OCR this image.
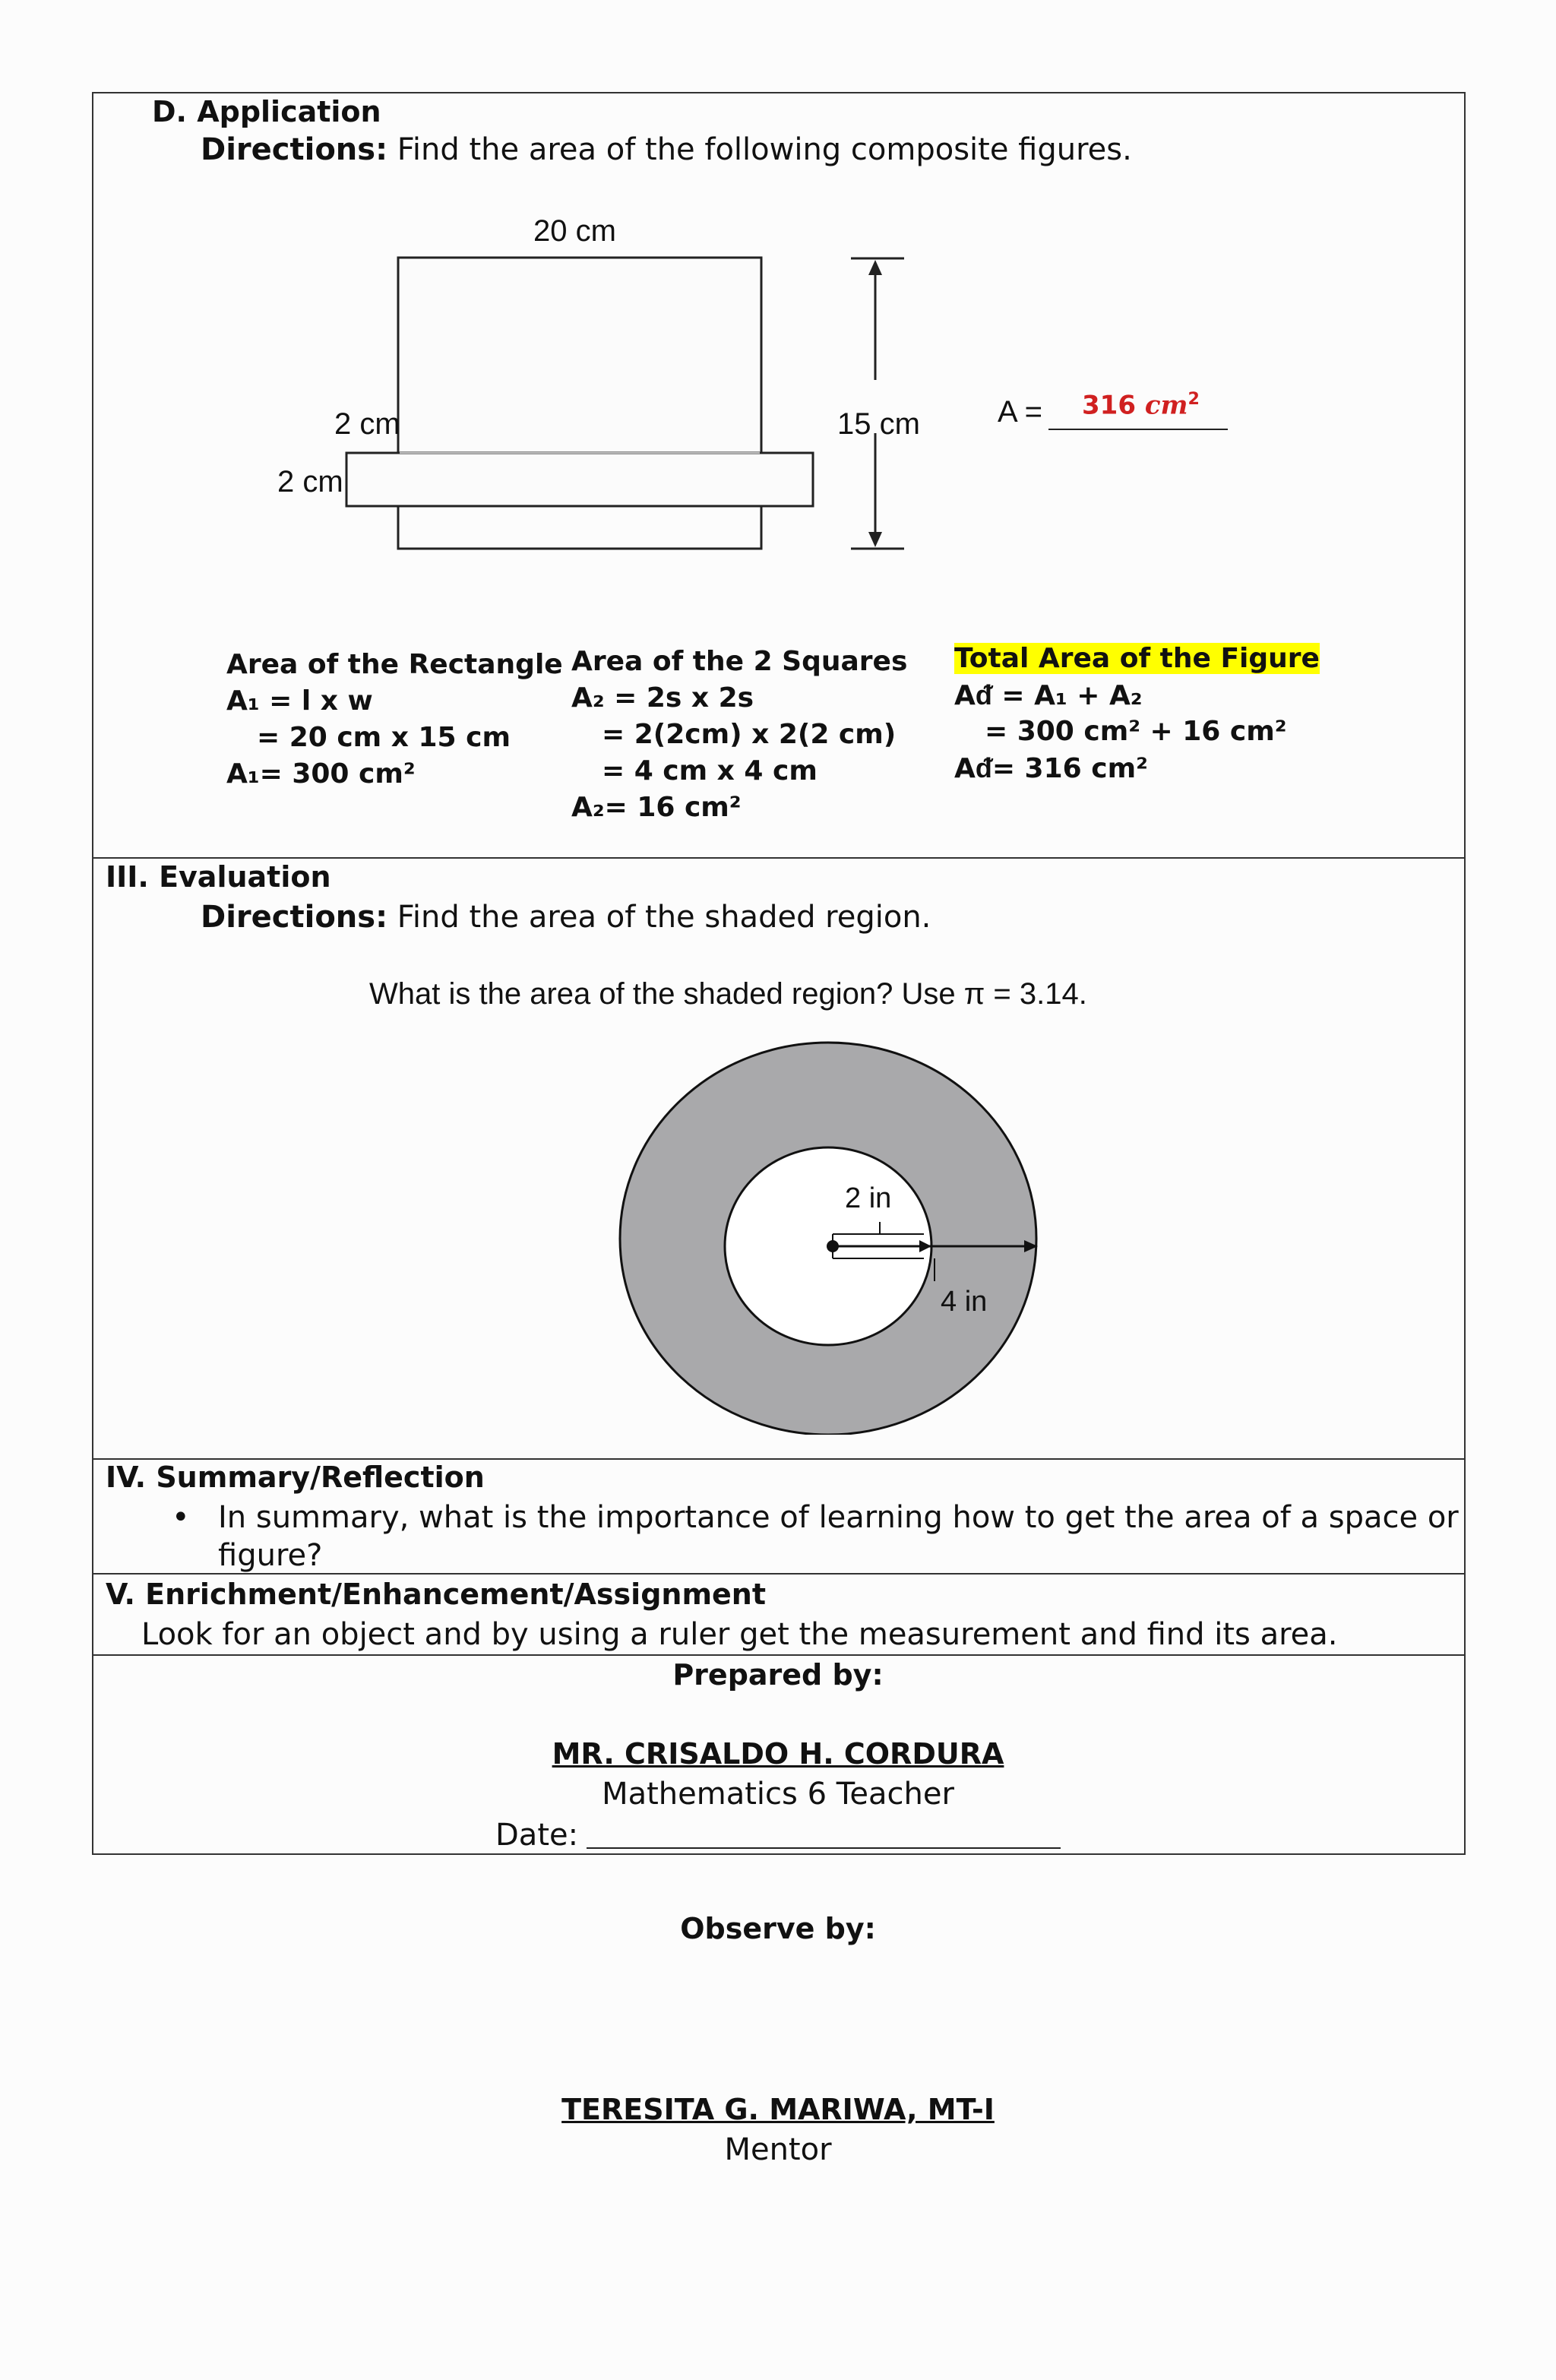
D. Application
Directions: Find the area of the following composite figures.
20 cm
15 cm
2 cm
2 cm
A = 316 $cm^2$
Area of the Rectangle
A₁ = l x w
= 20 cm x 15 cm
A₁= 300 cm²
Area of the 2 Squares
A₂ = 2s x 2s
= 2(2cm) x 2(2 cm)
= 4 cm x 4 cm
A₂= 16 cm²
Total Area of the Figure
Aᵭ = A₁ + A₂
= 300 cm² + 16 cm²
Aᵭ= 316 cm²
III. Evaluation
Directions: Find the area of the shaded region.
What is the area of the shaded region? Use π = 3.14.
2 in
4 in
IV. Summary/Reflection
• In summary, what is the importance of learning how to get the area of a space or
figure?
V. Enrichment/Enhancement/Assignment
Look for an object and by using a ruler get the measurement and find its area.
Prepared by:
MR. CRISALDO H. CORDURA
Mathematics 6 Teacher
Date:
Observe by:
TERESITA G. MARIWA, MT-I
Mentor
